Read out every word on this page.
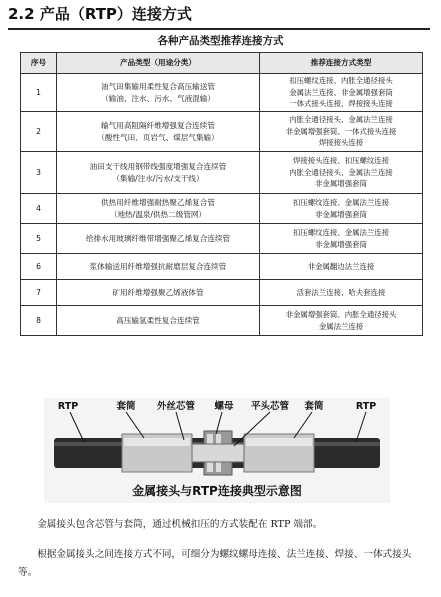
2.2 产品（RTP）连接方式
各种产品类型推荐连接方式
序号	产品类型（用途分类）	推荐连接方式类型
1	油气田集输用柔性复合高压输送管
（输油、注水、污水、气液混输）	扣压螺纹连接、内胀全通径接头
金属法兰连接、非金属增强套筒
一体式接头连接、焊接接头连接
2	输气用高阻隔纤维增强复合连续管
（酸性气田、页岩气、煤层气集输）	内胀全通径接头、金属法兰连接
非金属增强套筒、一体式接头连接
焊接接头连接
3	油田支干线用钢带线强度增强复合连续管
（集输/注水/污水/支干线）	焊接接头连接、扣压螺纹连接
内胀全通径接头、金属法兰连接
非金属增强套筒
4	供热用纤维增强耐热聚乙烯复合管
（地热/温泉/供热二级管网）	扣压螺纹连接、金属法兰连接
非金属增强套筒
5	给排水用玻璃纤维带增强聚乙烯复合连续管	扣压螺纹连接、金属法兰连接
非金属增强套筒
6	浆体输送用纤维增强抗耐磨层复合连续管	非金属翻边法兰连接
7	矿用纤维增强聚乙烯液体管	活套法兰连接、哈夫套连接
8	高压输氢柔性复合连续管	非金属增强套筒、内胀全通径接头
金属法兰连接
RTP	套筒 外丝芯管 螺母 平头芯管 套筒	RTP
金属接头与RTP连接典型示意图
金属接头包含芯管与套筒，通过机械扣压的方式装配在 RTP 端部。
根据金属接头之间连接方式不同，可细分为螺纹螺母连接、法兰连接、焊接、一体式接头等。
